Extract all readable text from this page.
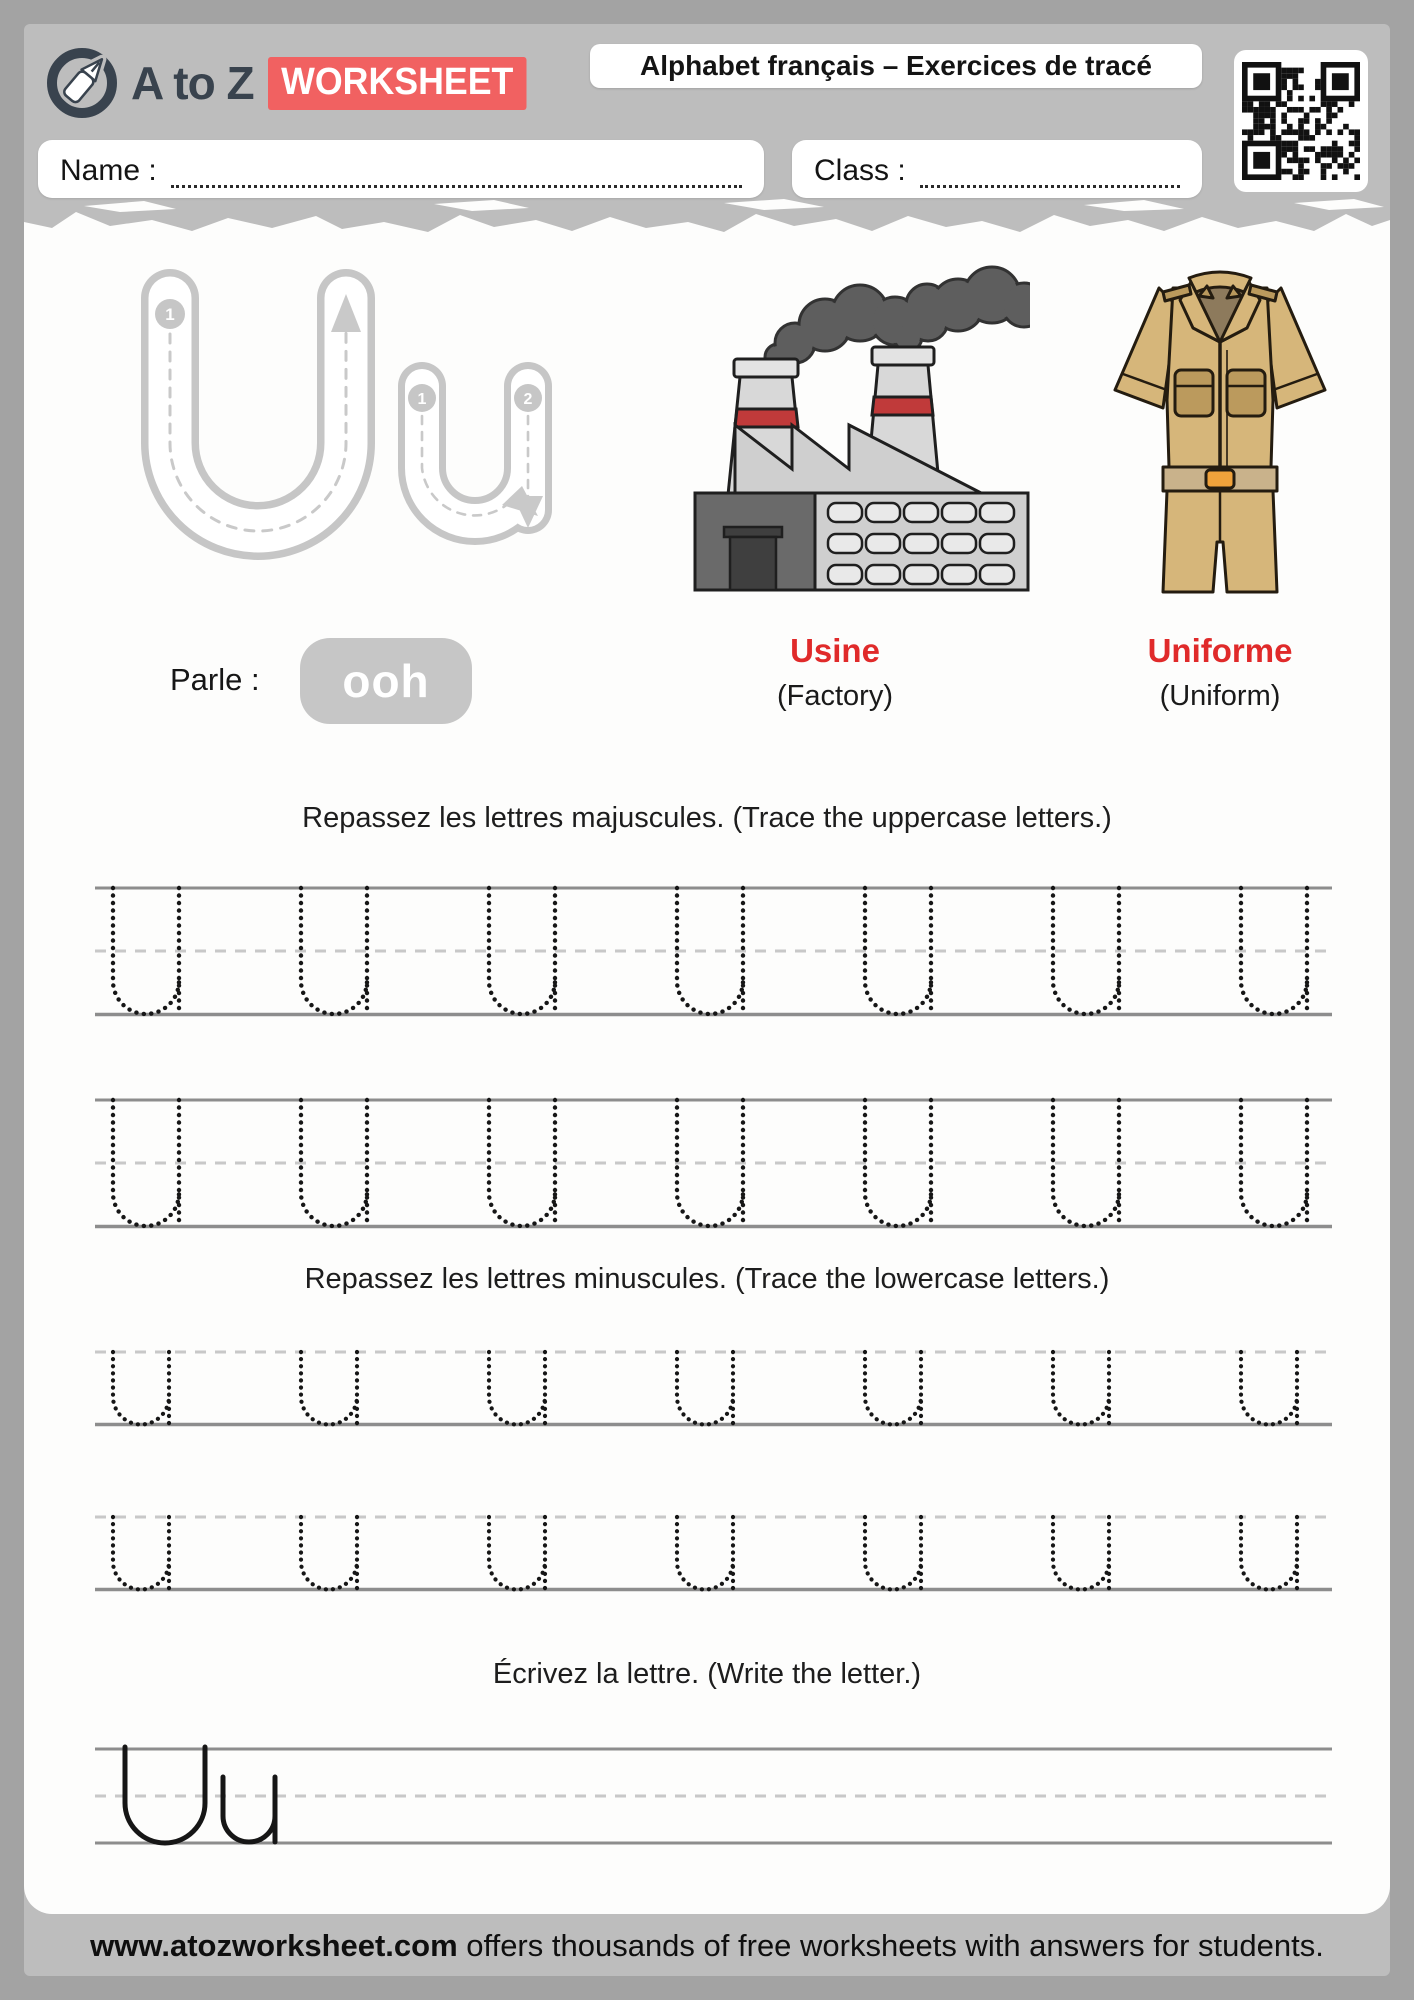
A to Z WORKSHEET	Alphabet français – Exercices de tracé
Name :	Class :
1
1	2
Usine
(Factory)
Uniforme
(Uniform)
Parle :	ooh
Repassez les lettres majuscules. (Trace the uppercase letters.)
Repassez les lettres minuscules. (Trace the lowercase letters.)
Écrivez la lettre. (Write the letter.)
www.atozworksheet.com offers thousands of free worksheets with answers for students.
